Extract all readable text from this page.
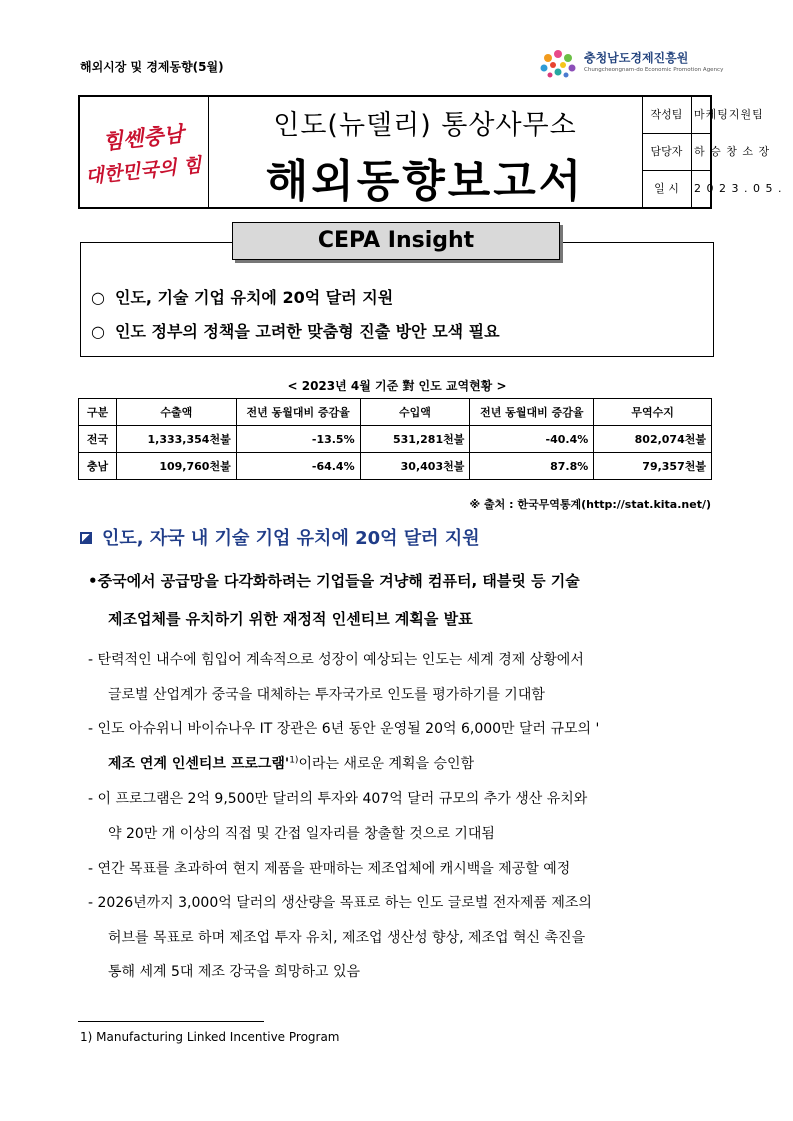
해외시장 및 경제동향(5월)
충청남도경제진흥원
Chungcheongnam-do Economic Promotion Agency
힘쎈충남
대한민국의 힘
인도(뉴델리) 통상사무소
해외동향보고서
작성팀	마케팅지원팀
담당자	하 승 창 소 장
일 시	2 0 2 3 . 0 5 .
○ 인도, 기술 기업 유치에 20억 달러 지원
○ 인도 정부의 정책을 고려한 맞춤형 진출 방안 모색 필요
CEPA Insight
< 2023년 4월 기준 對 인도 교역현황 >
구분	수출액	전년 동월대비 증감율	수입액	전년 동월대비 증감율	무역수지
전국	1,333,354천불	-13.5%	531,281천불	-40.4%	802,074천불
충남	109,760천불	-64.4%	30,403천불	87.8%	79,357천불
※ 출처 : 한국무역통계(http://stat.kita.net/)
인도, 자국 내 기술 기업 유치에 20억 달러 지원
•중국에서 공급망을 다각화하려는 기업들을 겨냥해 컴퓨터, 태블릿 등 기술
제조업체를 유치하기 위한 재정적 인센티브 계획을 발표
- 탄력적인 내수에 힘입어 계속적으로 성장이 예상되는 인도는 세계 경제 상황에서
글로벌 산업계가 중국을 대체하는 투자국가로 인도를 평가하기를 기대함
- 인도 아슈위니 바이슈나우 IT 장관은 6년 동안 운영될 20억 6,000만 달러 규모의 '
제조 연계 인센티브 프로그램'$^{1)}$이라는 새로운 계획을 승인함
- 이 프로그램은 2억 9,500만 달러의 투자와 407억 달러 규모의 추가 생산 유치와
약 20만 개 이상의 직접 및 간접 일자리를 창출할 것으로 기대됨
- 연간 목표를 초과하여 현지 제품을 판매하는 제조업체에 캐시백을 제공할 예정
- 2026년까지 3,000억 달러의 생산량을 목표로 하는 인도 글로벌 전자제품 제조의
허브를 목표로 하며 제조업 투자 유치, 제조업 생산성 향상, 제조업 혁신 촉진을
통해 세계 5대 제조 강국을 희망하고 있음
1) Manufacturing Linked Incentive Program
